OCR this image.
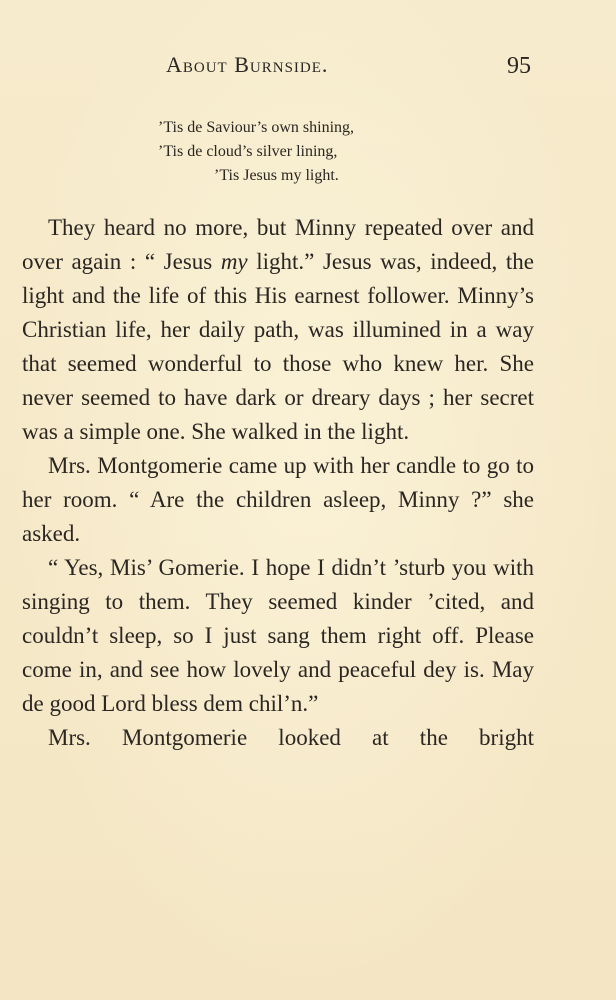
About Burnside.	95
’Tis de Saviour’s own shining,
’Tis de cloud’s silver lining,
’Tis Jesus my light.

They heard no more, but Minny repeated over and over again : “ Jesus my light.” Jesus was, indeed, the light and the life of this His earnest follower. Minny’s Christian life, her daily path, was illumined in a way that seemed wonderful to those who knew her. She never seemed to have dark or dreary days ; her secret was a simple one. She walked in the light.

Mrs. Montgomerie came up with her candle to go to her room. “ Are the children asleep, Minny ?” she asked.

“ Yes, Mis’ Gomerie. I hope I didn’t ’sturb you with singing to them. They seemed kinder ’cited, and couldn’t sleep, so I just sang them right off. Please come in, and see how lovely and peaceful dey is. May de good Lord bless dem chil’n.”

Mrs. Montgomerie looked at the bright
